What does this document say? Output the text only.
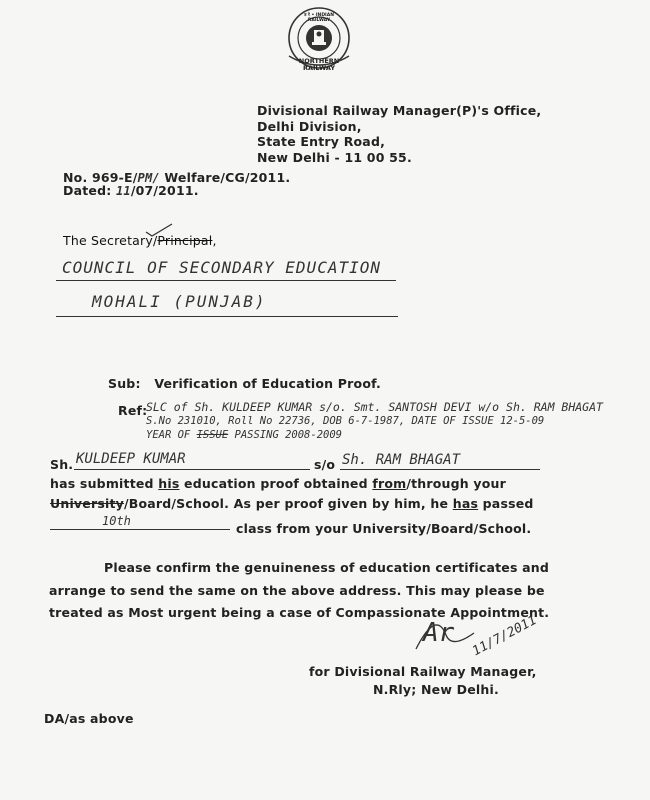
उ रे • INDIAN RAILWAY
NORTHERN RAILWAY
Divisional Railway Manager(P)'s Office,
Delhi Division,
State Entry Road,
New Delhi - 11 00 55.
No. 969-E/PM/ Welfare/CG/2011.
Dated: 11/07/2011.
The Secretary/Principal,
COUNCIL OF SECONDARY EDUCATION
MOHALI (PUNJAB)
Sub: Verification of Education Proof.
Ref:
SLC of Sh. KULDEEP KUMAR s/o. Smt. SANTOSH DEVI w/o Sh. RAM BHAGAT
S.No 231010, Roll No 22736, DOB 6-7-1987, DATE OF ISSUE 12-5-09
YEAR OF ISSUE PASSING 2008-2009
Sh. KULDEEP KUMAR	s/o Sh. RAM BHAGAT
has submitted his education proof obtained from/through your
University/Board/School. As per proof given by him, he has passed
10th	class from your University/Board/School.
Please confirm the genuineness of education certificates and
arrange to send the same on the above address. This may please be
treated as Most urgent being a case of Compassionate Appointment.
Ar 11/7/2011
for Divisional Railway Manager,
N.Rly; New Delhi.
DA/as above
